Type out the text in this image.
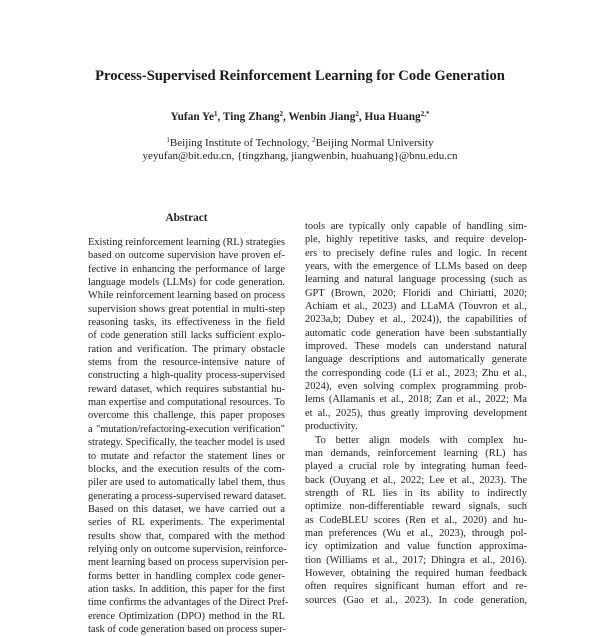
Process-Supervised Reinforcement Learning for Code Generation
Yufan Ye$^1$, Ting Zhang$^2$, Wenbin Jiang$^2$, Hua Huang$^{2,*}$
$^1$Beijing Institute of Technology, $^2$Beijing Normal University
yeyufan@bit.edu.cn, {tingzhang, jiangwenbin, huahuang}@bnu.edu.cn
Abstract
Existing reinforcement learning (RL) strategies
based on outcome supervision have proven ef-
fective in enhancing the performance of large
language models (LLMs) for code generation.
While reinforcement learning based on process
supervision shows great potential in multi-step
reasoning tasks, its effectiveness in the field
of code generation still lacks sufficient explo-
ration and verification. The primary obstacle
stems from the resource-intensive nature of
constructing a high-quality process-supervised
reward dataset, which requires substantial hu-
man expertise and computational resources. To
overcome this challenge, this paper proposes
a "mutation/refactoring-execution verification"
strategy. Specifically, the teacher model is used
to mutate and refactor the statement lines or
blocks, and the execution results of the com-
piler are used to automatically label them, thus
generating a process-supervised reward dataset.
Based on this dataset, we have carried out a
series of RL experiments. The experimental
results show that, compared with the method
relying only on outcome supervision, reinforce-
ment learning based on process supervision per-
forms better in handling complex code gener-
ation tasks. In addition, this paper for the first
time confirms the advantages of the Direct Pref-
erence Optimization (DPO) method in the RL
task of code generation based on process super-
tools are typically only capable of handling sim-
ple, highly repetitive tasks, and require develop-
ers to precisely define rules and logic. In recent
years, with the emergence of LLMs based on deep
learning and natural language processing (such as
GPT (Brown, 2020; Floridi and Chiriatti, 2020;
Achiam et al., 2023) and LLaMA (Touvron et al.,
2023a,b; Dubey et al., 2024)), the capabilities of
automatic code generation have been substantially
improved. These models can understand natural
language descriptions and automatically generate
the corresponding code (Li et al., 2023; Zhu et al.,
2024), even solving complex programming prob-
lems (Allamanis et al., 2018; Zan et al., 2022; Ma
et al., 2025), thus greatly improving development
productivity.
To better align models with complex hu-
man demands, reinforcement learning (RL) has
played a crucial role by integrating human feed-
back (Ouyang et al., 2022; Lee et al., 2023). The
strength of RL lies in its ability to indirectly
optimize non-differentiable reward signals, such
as CodeBLEU scores (Ren et al., 2020) and hu-
man preferences (Wu et al., 2023), through pol-
icy optimization and value function approxima-
tion (Williams et al., 2017; Dhingra et al., 2016).
However, obtaining the required human feedback
often requires significant human effort and re-
sources (Gao et al., 2023). In code generation,
